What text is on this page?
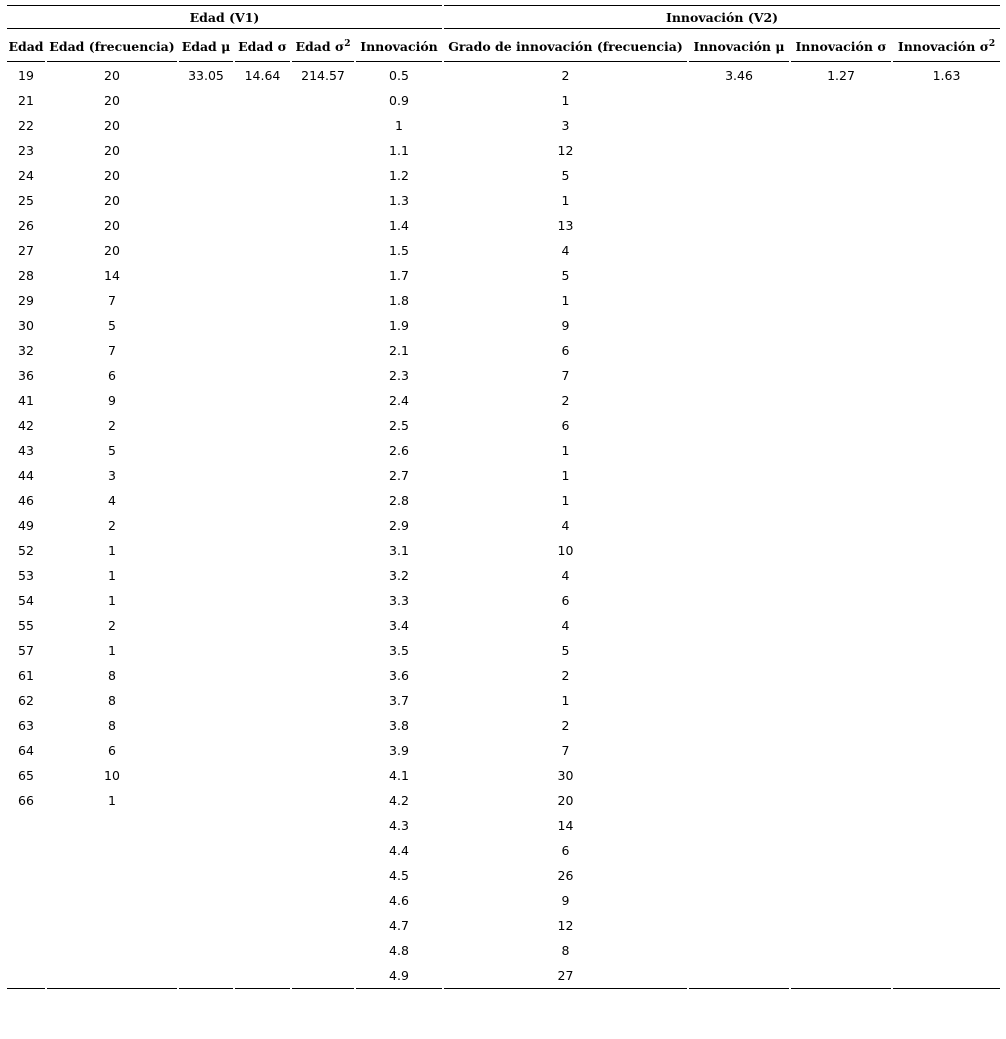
Edad (V1)						Innovación (V2)			
Edad	Edad (frecuencia)	Edad μ	Edad σ	Edad $\sigma^2$	Innovación	Grado de innovación (frecuencia)	Innovación μ	Innovación σ	Innovación $\sigma^2$
19	20	33.05	14.64	214.57	0.5	2	3.46	1.27	1.63
21	20				0.9	1			
22	20				1	3			
23	20				1.1	12			
24	20				1.2	5			
25	20				1.3	1			
26	20				1.4	13			
27	20				1.5	4			
28	14				1.7	5			
29	7				1.8	1			
30	5				1.9	9			
32	7				2.1	6			
36	6				2.3	7			
41	9				2.4	2			
42	2				2.5	6			
43	5				2.6	1			
44	3				2.7	1			
46	4				2.8	1			
49	2				2.9	4			
52	1				3.1	10			
53	1				3.2	4			
54	1				3.3	6			
55	2				3.4	4			
57	1				3.5	5			
61	8				3.6	2			
62	8				3.7	1			
63	8				3.8	2			
64	6				3.9	7			
65	10				4.1	30			
66	1				4.2	20			
					4.3	14			
					4.4	6			
					4.5	26			
					4.6	9			
					4.7	12			
					4.8	8			
					4.9	27			
